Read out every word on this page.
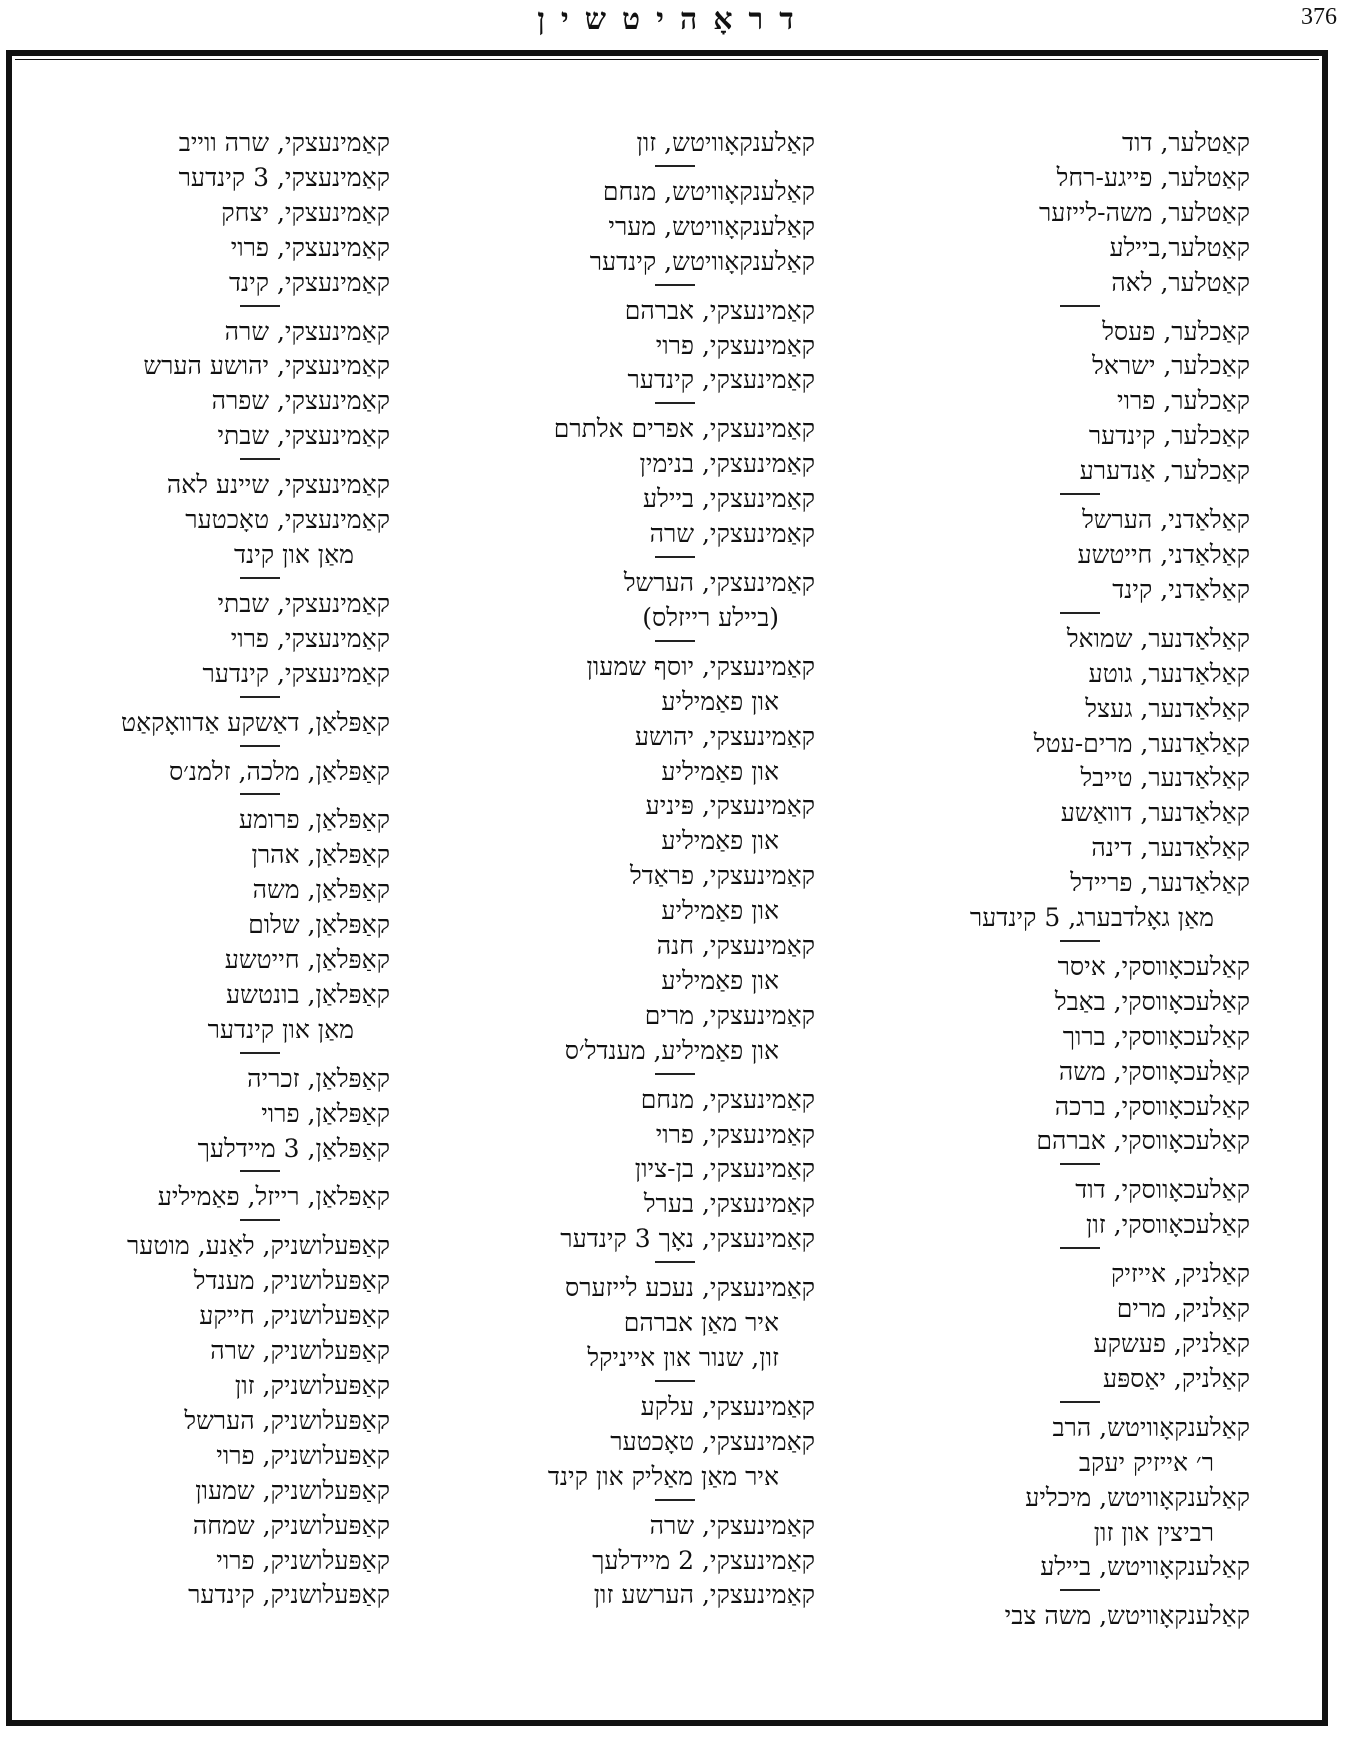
דראָהיטשין	376
קאַטלער, דוד
קאַטלער, פייגע-רחל
קאַטלער, משה-לייזער
קאַטלער,ביילע
קאַטלער, לאה
קאַכלער, פעסל
קאַכלער, ישראל
קאַכלער, פרוי
קאַכלער, קינדער
קאַכלער, אַנדערע
קאַלאַדני, הערשל
קאַלאַדני, חייטשע
קאַלאַדני, קינד
קאַלאַדנער, שמואל
קאַלאַדנער, גוטע
קאַלאַדנער, געצל
קאַלאַדנער, מרים-עטל
קאַלאַדנער, טייבל
קאַלאַדנער, דוואַשע
קאַלאַדנער, דינה
קאַלאַדנער, פריידל
מאַן גאָלדבערג, 5 קינדער
קאַלעכאָווסקי, איסר
קאַלעכאָווסקי, באַבל
קאַלעכאָווסקי, ברוך
קאַלעכאָווסקי, משה
קאַלעכאָווסקי, ברכה
קאַלעכאָווסקי, אברהם
קאַלעכאָווסקי, דוד
קאַלעכאָווסקי, זון
קאַלניק, אייזיק
קאַלניק, מרים
קאַלניק, פעשקע
קאַלניק, יאַספּע
קאַלענקאָוויטש, הרב
ר׳ אייזיק יעקב
קאַלענקאָוויטש, מיכליע
רביצין און זון
קאַלענקאָוויטש, ביילע
קאַלענקאָוויטש, משה צבי
קאַלענקאָוויטש, זון
קאַלענקאָוויטש, מנחם
קאַלענקאָוויטש, מערי
קאַלענקאָוויטש, קינדער
קאַמינעצקי, אברהם
קאַמינעצקי, פרוי
קאַמינעצקי, קינדער
קאַמינעצקי, אפרים אלתרם
קאַמינעצקי, בנימין
קאַמינעצקי, ביילע
קאַמינעצקי, שרה
קאַמינעצקי, הערשל
(ביילע רייזלס)
קאַמינעצקי, יוסף שמעון
און פאַמיליע
קאַמינעצקי, יהושע
און פאַמיליע
קאַמינעצקי, פּיניע
און פאַמיליע
קאַמינעצקי, פראַדל
און פאַמיליע
קאַמינעצקי, חנה
און פאַמיליע
קאַמינעצקי, מרים
און פאַמיליע, מענדל׳ס
קאַמינעצקי, מנחם
קאַמינעצקי, פרוי
קאַמינעצקי, בן-ציון
קאַמינעצקי, בערל
קאַמינעצקי, נאָך 3 קינדער
קאַמינעצקי, נעכע לייזערס
איר מאַן אברהם
זון, שנור און אייניקל
קאַמינעצקי, עלקע
קאַמינעצקי, טאָכטער
איר מאַן מאַליק און קינד
קאַמינעצקי, שרה
קאַמינעצקי, 2 מיידלעך
קאַמינעצקי, הערשע זון
קאַמינעצקי, שרה ווייב
קאַמינעצקי, 3 קינדער
קאַמינעצקי, יצחק
קאַמינעצקי, פרוי
קאַמינעצקי, קינד
קאַמינעצקי, שרה
קאַמינעצקי, יהושע הערש
קאַמינעצקי, שפרה
קאַמינעצקי, שבתי
קאַמינעצקי, שיינע לאה
קאַמינעצקי, טאָכטער
מאַן און קינד
קאַמינעצקי, שבתי
קאַמינעצקי, פרוי
קאַמינעצקי, קינדער
קאַפּלאַן, דאַשקע אַדוואָקאַט
קאַפּלאַן, מלכה, זלמנ׳ס
קאַפּלאַן, פרומע
קאַפּלאַן, אהרן
קאַפּלאַן, משה
קאַפּלאַן, שלום
קאַפּלאַן, חייטשע
קאַפּלאַן, בונטשע
מאַן און קינדער
קאַפּלאַן, זכריה
קאַפּלאַן, פרוי
קאַפּלאַן, 3 מיידלעך
קאַפּלאַן, רייזל, פאַמיליע
קאַפּעלושניק, לאַנע, מוטער
קאַפּעלושניק, מענדל
קאַפּעלושניק, חייקע
קאַפּעלושניק, שרה
קאַפּעלושניק, זון
קאַפּעלושניק, הערשל
קאַפּעלושניק, פרוי
קאַפּעלושניק, שמעון
קאַפּעלושניק, שמחה
קאַפּעלושניק, פרוי
קאַפּעלושניק, קינדער
